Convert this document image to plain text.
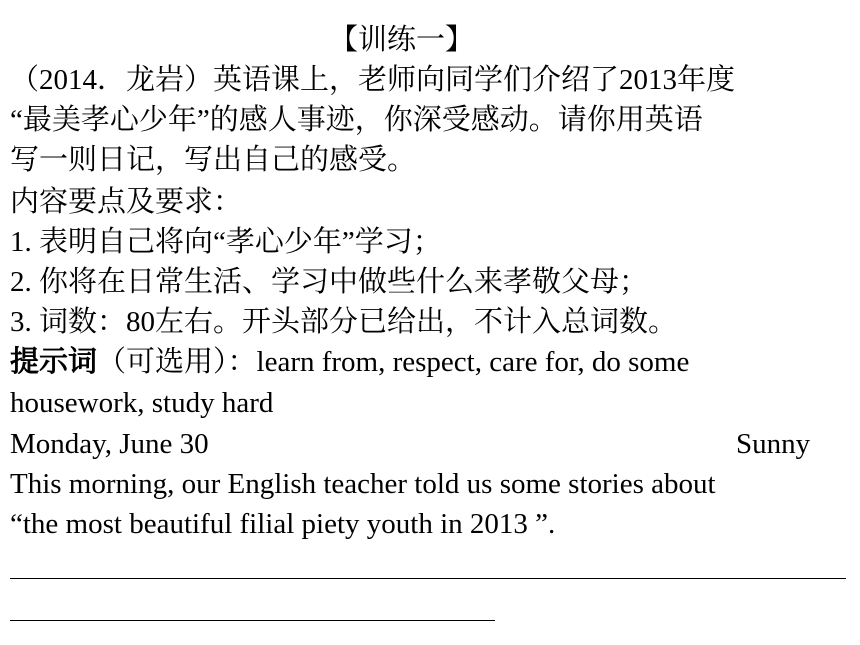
【训练一】
（2014．龙岩）英语课上，老师向同学们介绍了2013年度
“最美孝心少年”的感人事迹，你深受感动。请你用英语
写一则日记，写出自己的感受。
内容要点及要求：
1. 表明自己将向“孝心少年”学习；
2. 你将在日常生活、学习中做些什么来孝敬父母；
3. 词数：80左右。开头部分已给出，不计入总词数。
提示词（可选用）：learn from, respect, care for, do some
housework, study hard
Monday, June 30	Sunny
This morning, our English teacher told us some stories about
“the most beautiful filial piety youth in 2013 ”.
